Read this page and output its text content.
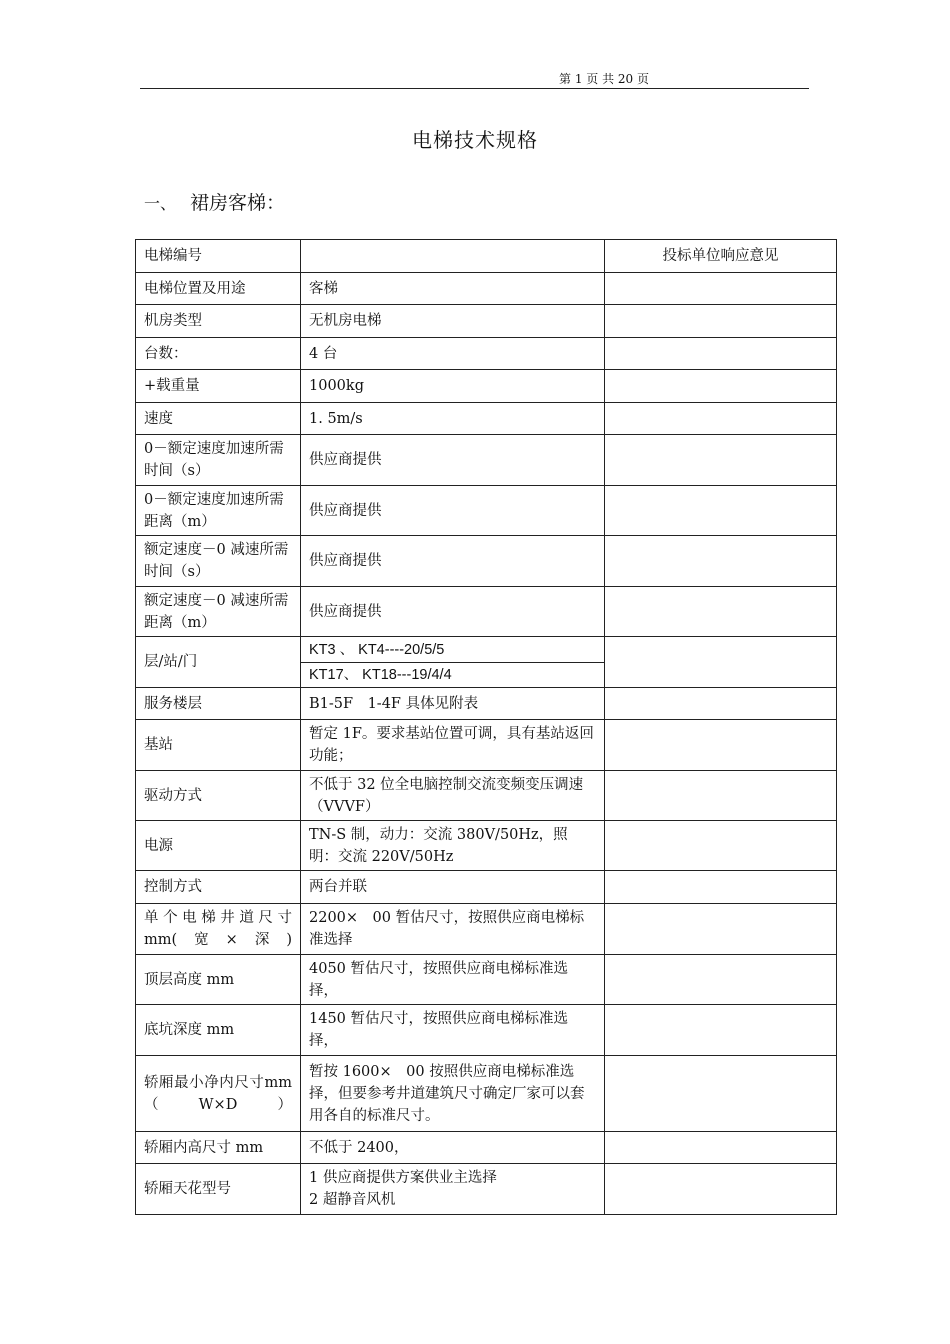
第 1 页 共 20 页
电梯技术规格
一、 裙房客梯：
电梯编号		投标单位响应意见
电梯位置及用途	客梯	
机房类型	无机房电梯	
台数：	4 台	
+载重量	1000kg	
速度	1. 5m/s	
0－额定速度加速所需时间（s）	供应商提供	
0－额定速度加速所需距离（m）	供应商提供	
额定速度－0 减速所需时间（s）	供应商提供	
额定速度－0 减速所需距离（m）	供应商提供	
层/站/门	KT3 、 KT4----20/5/5
KT17、 KT18---19/4/4	

服务楼层	B1-5F　1-4F 具体见附表	
基站	暂定 1F。要求基站位置可调，具有基站返回功能；	
驱动方式	不低于 32 位全电脑控制交流变频变压调速（VVVF）	
电源	TN-S 制，动力：交流 380V/50Hz，照明：交流 220V/50Hz	
控制方式	两台并联	
单个电梯井道尺寸mm(宽×深)	2200×　00 暂估尺寸，按照供应商电梯标准选择	
顶层高度 mm	4050 暂估尺寸，按照供应商电梯标准选择，	
底坑深度 mm	1450 暂估尺寸，按照供应商电梯标准选择，	
轿厢最小净内尺寸mm（W×D）	暂按 1600×　00 按照供应商电梯标准选择，但要参考井道建筑尺寸确定厂家可以套用各自的标准尺寸。	
轿厢内高尺寸 mm	不低于 2400，	
轿厢天花型号	1 供应商提供方案供业主选择
2 超静音风机	
